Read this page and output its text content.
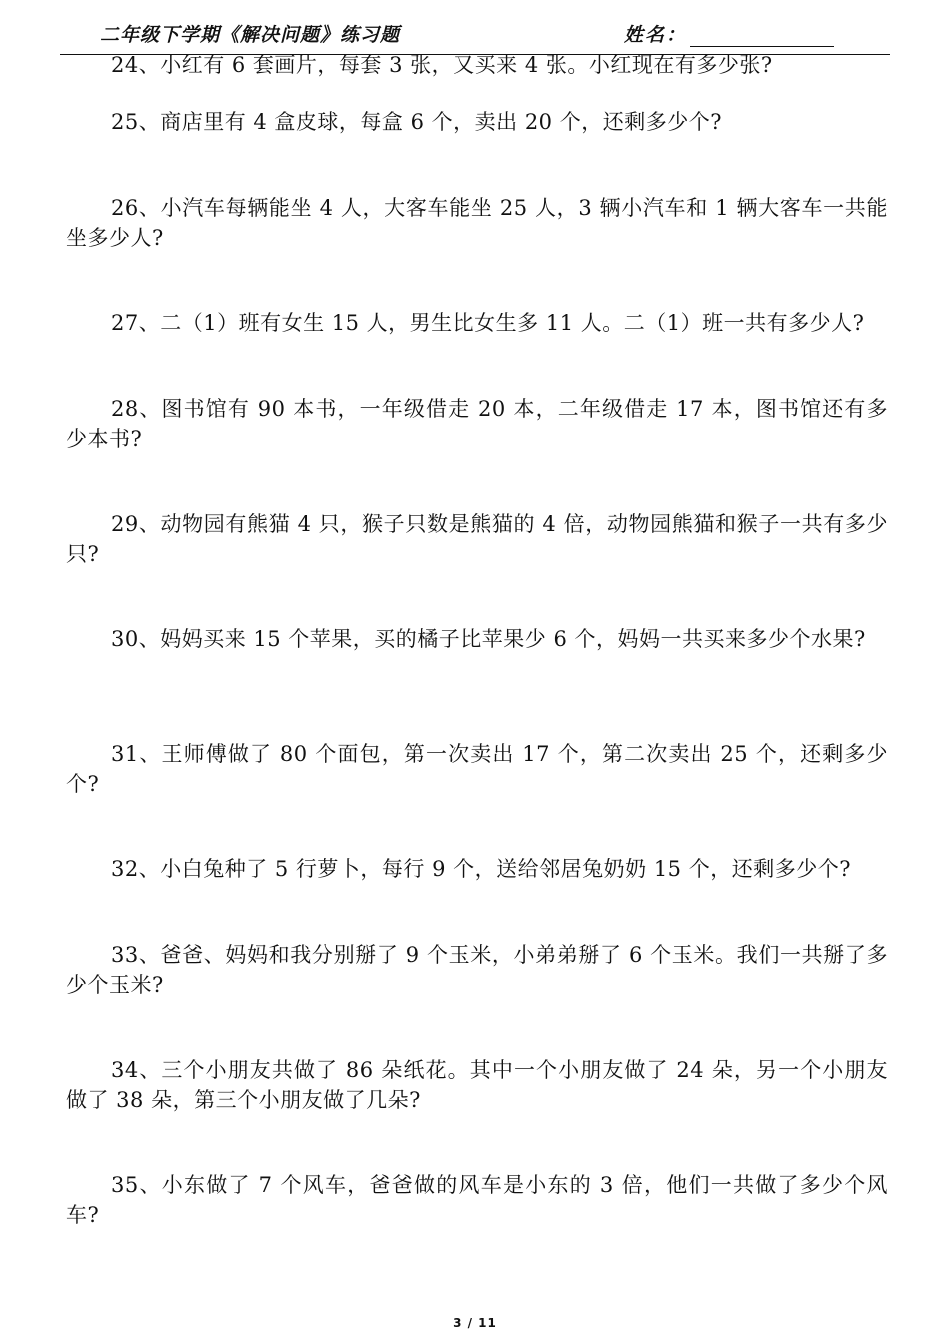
二年级下学期《解决问题》练习题	姓名：
24、小红有 6 套画片，每套 3 张，又买来 4 张。小红现在有多少张?
25、商店里有 4 盒皮球，每盒 6 个，卖出 20 个，还剩多少个?
26、小汽车每辆能坐 4 人，大客车能坐 25 人，3 辆小汽车和 1 辆大客车一共能坐多少人?
27、二（1）班有女生 15 人，男生比女生多 11 人。二（1）班一共有多少人?
28、图书馆有 90 本书，一年级借走 20 本，二年级借走 17 本，图书馆还有多少本书?
29、动物园有熊猫 4 只，猴子只数是熊猫的 4 倍，动物园熊猫和猴子一共有多少只?
30、妈妈买来 15 个苹果，买的橘子比苹果少 6 个，妈妈一共买来多少个水果?
31、王师傅做了 80 个面包，第一次卖出 17 个，第二次卖出 25 个，还剩多少个?
32、小白兔种了 5 行萝卜，每行 9 个，送给邻居兔奶奶 15 个，还剩多少个?
33、爸爸、妈妈和我分别掰了 9 个玉米，小弟弟掰了 6 个玉米。我们一共掰了多少个玉米?
34、三个小朋友共做了 86 朵纸花。其中一个小朋友做了 24 朵，另一个小朋友做了 38 朵，第三个小朋友做了几朵?
35、小东做了 7 个风车，爸爸做的风车是小东的 3 倍，他们一共做了多少个风车?
3 / 11
